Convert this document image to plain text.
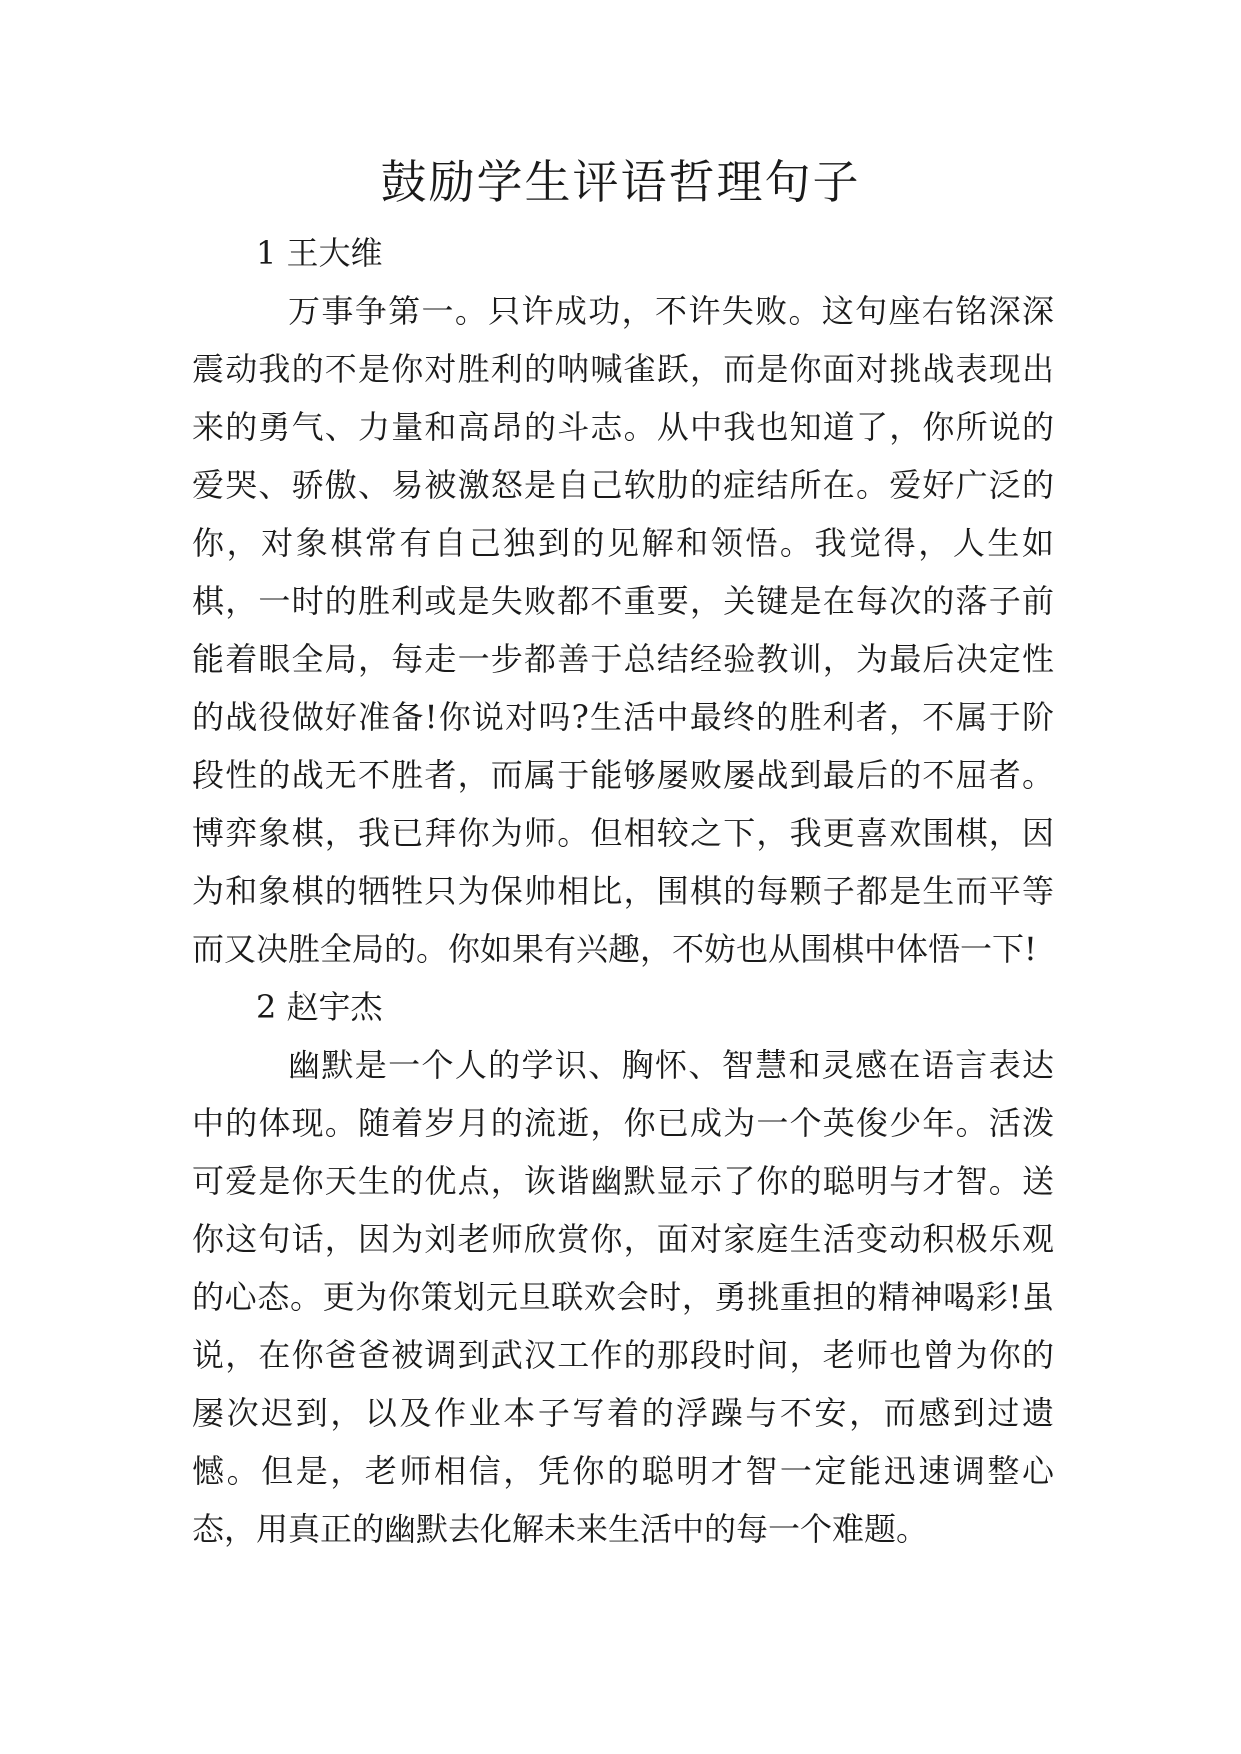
鼓励学生评语哲理句子
1 王大维

万事争第一。只许成功，不许失败。这句座右铭深深震动我的不是你对胜利的呐喊雀跃，而是你面对挑战表现出来的勇气、力量和高昂的斗志。从中我也知道了，你所说的爱哭、骄傲、易被激怒是自己软肋的症结所在。爱好广泛的你，对象棋常有自己独到的见解和领悟。我觉得，人生如棋，一时的胜利或是失败都不重要，关键是在每次的落子前能着眼全局，每走一步都善于总结经验教训，为最后决定性的战役做好准备!你说对吗?生活中最终的胜利者，不属于阶段性的战无不胜者，而属于能够屡败屡战到最后的不屈者。博弈象棋，我已拜你为师。但相较之下，我更喜欢围棋，因为和象棋的牺牲只为保帅相比，围棋的每颗子都是生而平等而又决胜全局的。你如果有兴趣，不妨也从围棋中体悟一下!

2 赵宇杰

幽默是一个人的学识、胸怀、智慧和灵感在语言表达中的体现。随着岁月的流逝，你已成为一个英俊少年。活泼可爱是你天生的优点，诙谐幽默显示了你的聪明与才智。送你这句话，因为刘老师欣赏你，面对家庭生活变动积极乐观的心态。更为你策划元旦联欢会时，勇挑重担的精神喝彩!虽说，在你爸爸被调到武汉工作的那段时间，老师也曾为你的屡次迟到，以及作业本子写着的浮躁与不安，而感到过遗憾。但是，老师相信，凭你的聪明才智一定能迅速调整心态，用真正的幽默去化解未来生活中的每一个难题。
